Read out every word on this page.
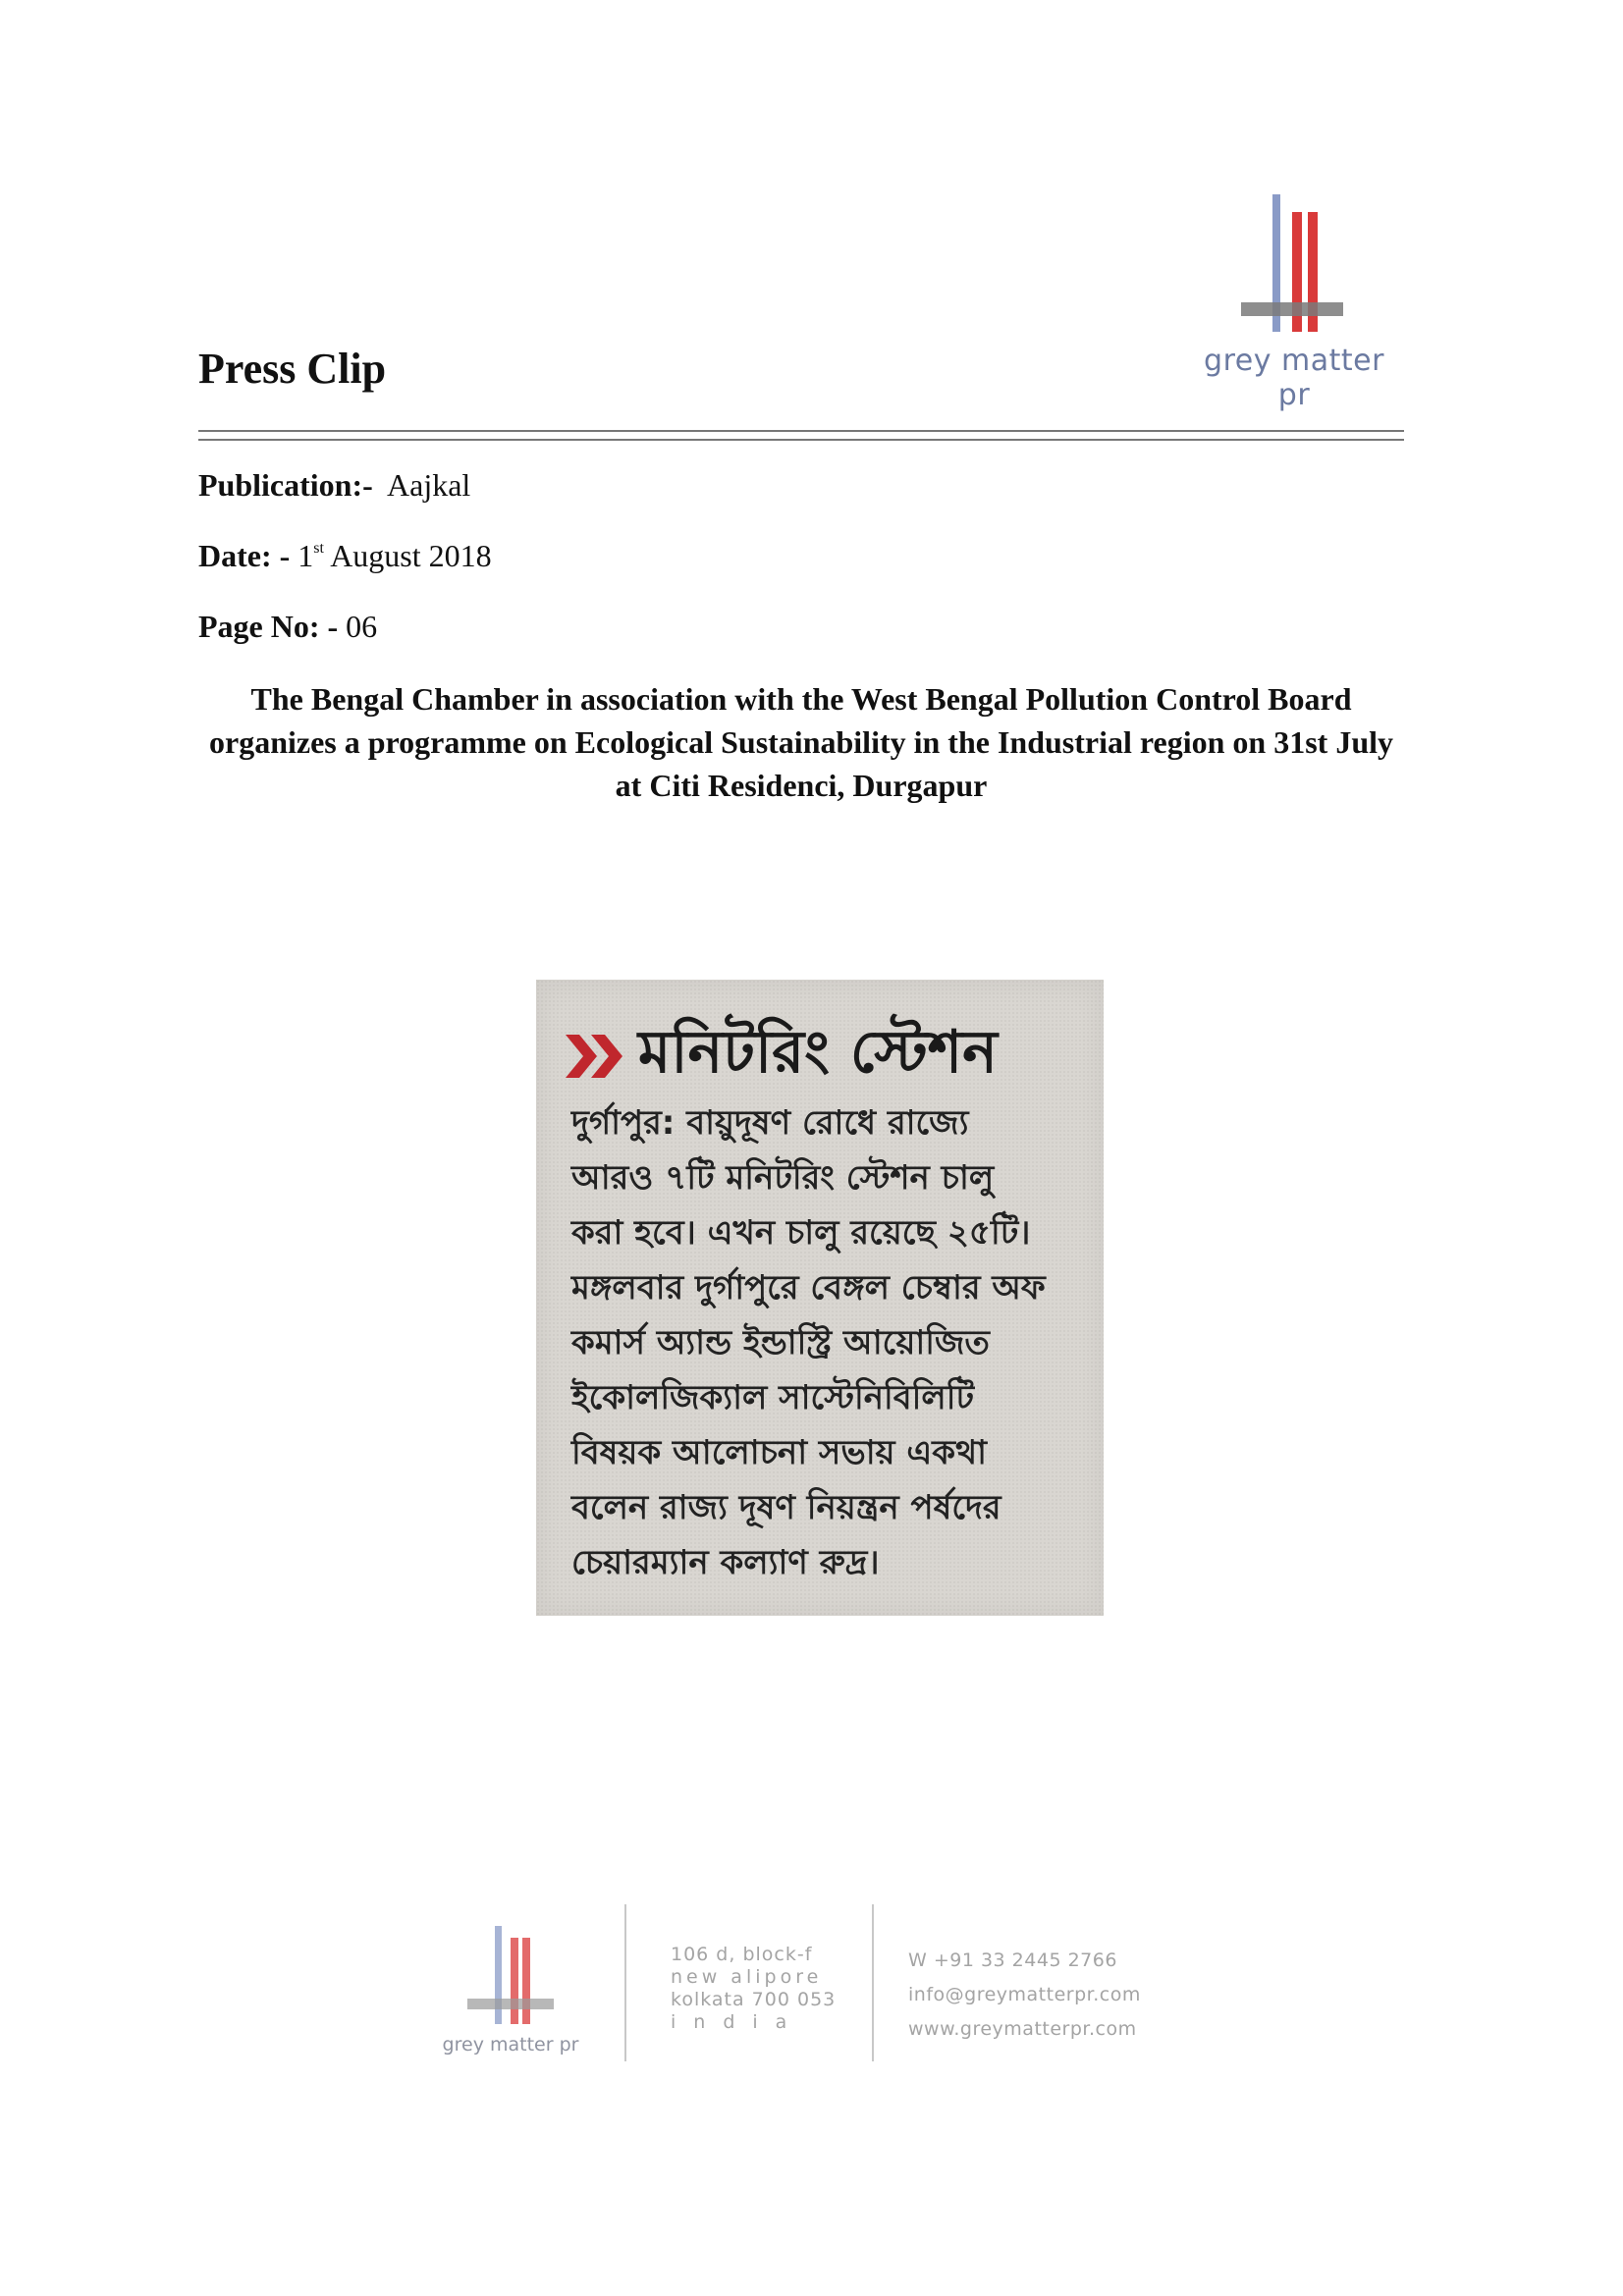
grey matter pr
Press Clip
Publication:- Aajkal
Date: - 1st August 2018
Page No: - 06
The Bengal Chamber in association with the West Bengal Pollution Control Board organizes a programme on Ecological Sustainability in the Industrial region on 31st July at Citi Residenci, Durgapur
মনিটরিং স্টেশন
দুর্গাপুর: বায়ুদূষণ রোধে রাজ্যে
আরও ৭টি মনিটরিং স্টেশন চালু
করা হবে। এখন চালু রয়েছে ২৫টি।
মঙ্গলবার দুর্গাপুরে বেঙ্গল চেম্বার অফ
কমার্স অ্যান্ড ইন্ডাস্ট্রি আয়োজিত
ইকোলজিক্যাল সাস্টেনিবিলিটি
বিষয়ক আলোচনা সভায় একথা
বলেন রাজ্য দূষণ নিয়ন্ত্রন পর্ষদের
চেয়ারম্যান কল্যাণ রুদ্র।
grey matter pr
106 d, block-f
new alipore
kolkata 700 053
india
W +91 33 2445 2766
info@greymatterpr.com
www.greymatterpr.com
